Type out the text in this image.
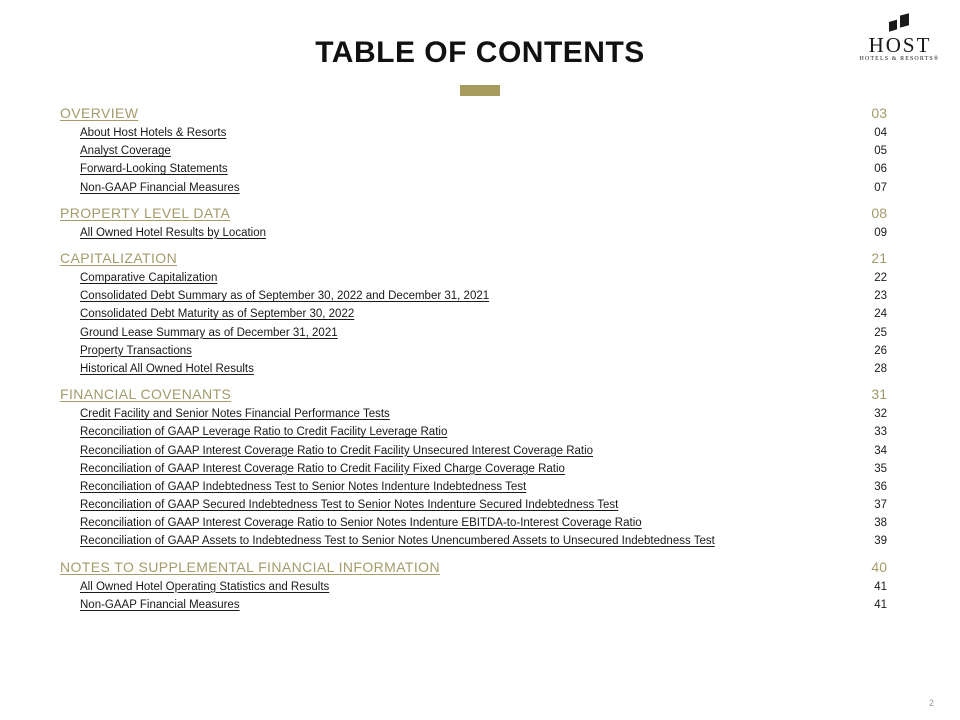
TABLE OF CONTENTS	HOST
HOTELS & RESORTS®
OVERVIEW	03
About Host Hotels & Resorts	04
Analyst Coverage	05
Forward-Looking Statements	06
Non-GAAP Financial Measures	07
PROPERTY LEVEL DATA	08
All Owned Hotel Results by Location	09
CAPITALIZATION	21
Comparative Capitalization	22
Consolidated Debt Summary as of September 30, 2022 and December 31, 2021	23
Consolidated Debt Maturity as of September 30, 2022	24
Ground Lease Summary as of December 31, 2021	25
Property Transactions	26
Historical All Owned Hotel Results	28
FINANCIAL COVENANTS	31
Credit Facility and Senior Notes Financial Performance Tests	32
Reconciliation of GAAP Leverage Ratio to Credit Facility Leverage Ratio	33
Reconciliation of GAAP Interest Coverage Ratio to Credit Facility Unsecured Interest Coverage Ratio	34
Reconciliation of GAAP Interest Coverage Ratio to Credit Facility Fixed Charge Coverage Ratio	35
Reconciliation of GAAP Indebtedness Test to Senior Notes Indenture Indebtedness Test	36
Reconciliation of GAAP Secured Indebtedness Test to Senior Notes Indenture Secured Indebtedness Test	37
Reconciliation of GAAP Interest Coverage Ratio to Senior Notes Indenture EBITDA-to-Interest Coverage Ratio	38
Reconciliation of GAAP Assets to Indebtedness Test to Senior Notes Unencumbered Assets to Unsecured Indebtedness Test	39
NOTES TO SUPPLEMENTAL FINANCIAL INFORMATION	40
All Owned Hotel Operating Statistics and Results	41
Non-GAAP Financial Measures	41
2
